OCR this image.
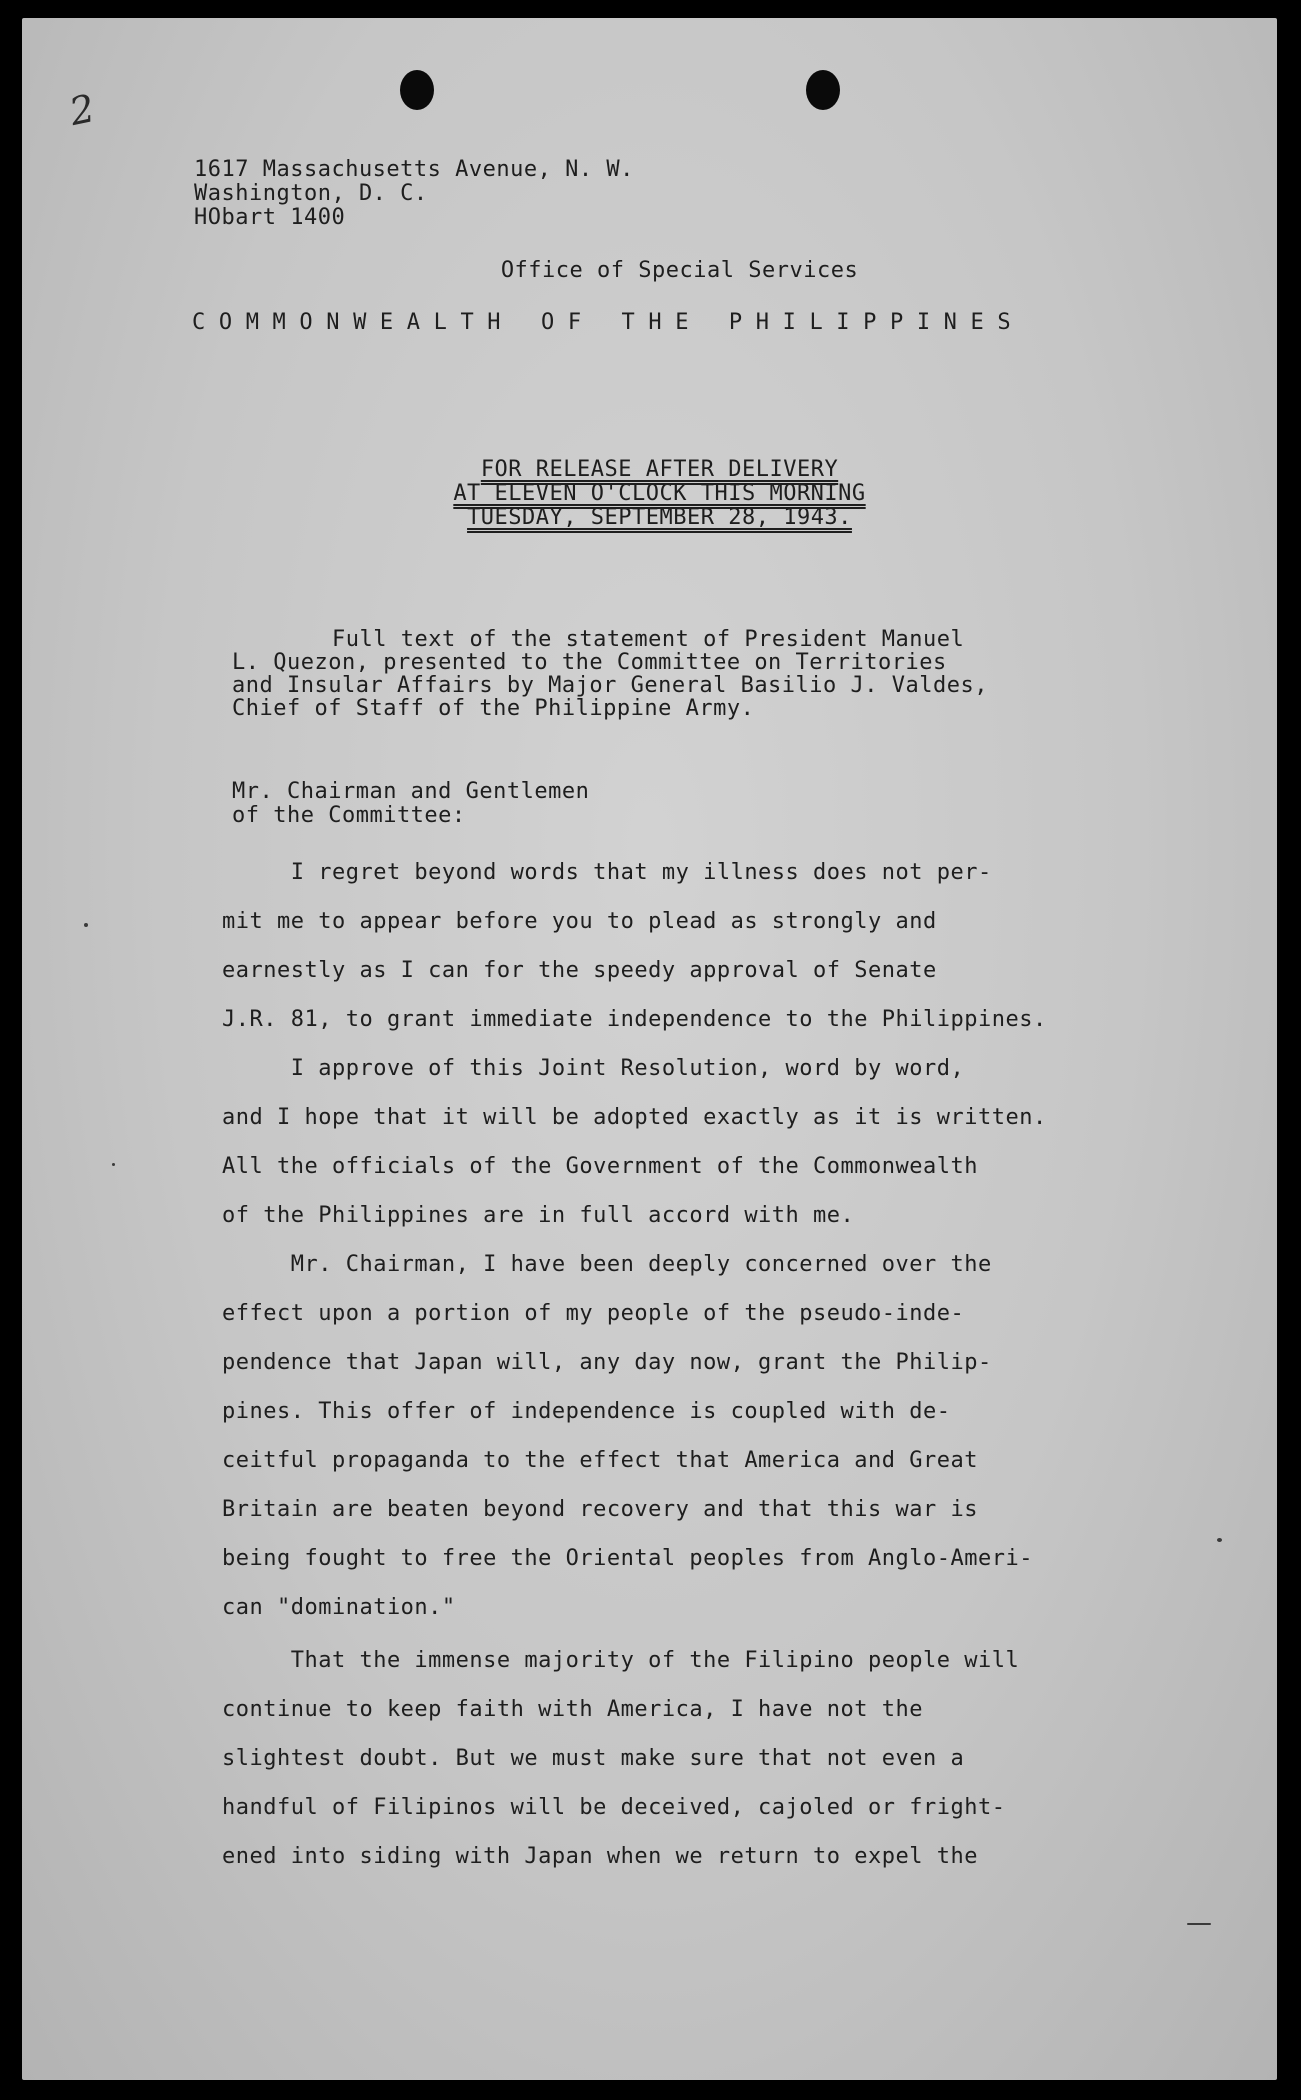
2
1617 Massachusetts Avenue, N. W.
Washington, D. C.
HObart 1400
Office of Special Services
COMMONWEALTH OF THE PHILIPPINES
FOR RELEASE AFTER DELIVERY
AT ELEVEN O'CLOCK THIS MORNING
TUESDAY, SEPTEMBER 28, 1943.
Full text of the statement of President Manuel
L. Quezon, presented to the Committee on Territories
and Insular Affairs by Major General Basilio J. Valdes,
Chief of Staff of the Philippine Army.
Mr. Chairman and Gentlemen
of the Committee:
I regret beyond words that my illness does not per-
mit me to appear before you to plead as strongly and
earnestly as I can for the speedy approval of Senate
J.R. 81, to grant immediate independence to the Philippines.
I approve of this Joint Resolution, word by word,
and I hope that it will be adopted exactly as it is written.
All the officials of the Government of the Commonwealth
of the Philippines are in full accord with me.
Mr. Chairman, I have been deeply concerned over the
effect upon a portion of my people of the pseudo-inde-
pendence that Japan will, any day now, grant the Philip-
pines. This offer of independence is coupled with de-
ceitful propaganda to the effect that America and Great
Britain are beaten beyond recovery and that this war is
being fought to free the Oriental peoples from Anglo-Ameri-
can "domination."
That the immense majority of the Filipino people will
continue to keep faith with America, I have not the
slightest doubt. But we must make sure that not even a
handful of Filipinos will be deceived, cajoled or fright-
ened into siding with Japan when we return to expel the
